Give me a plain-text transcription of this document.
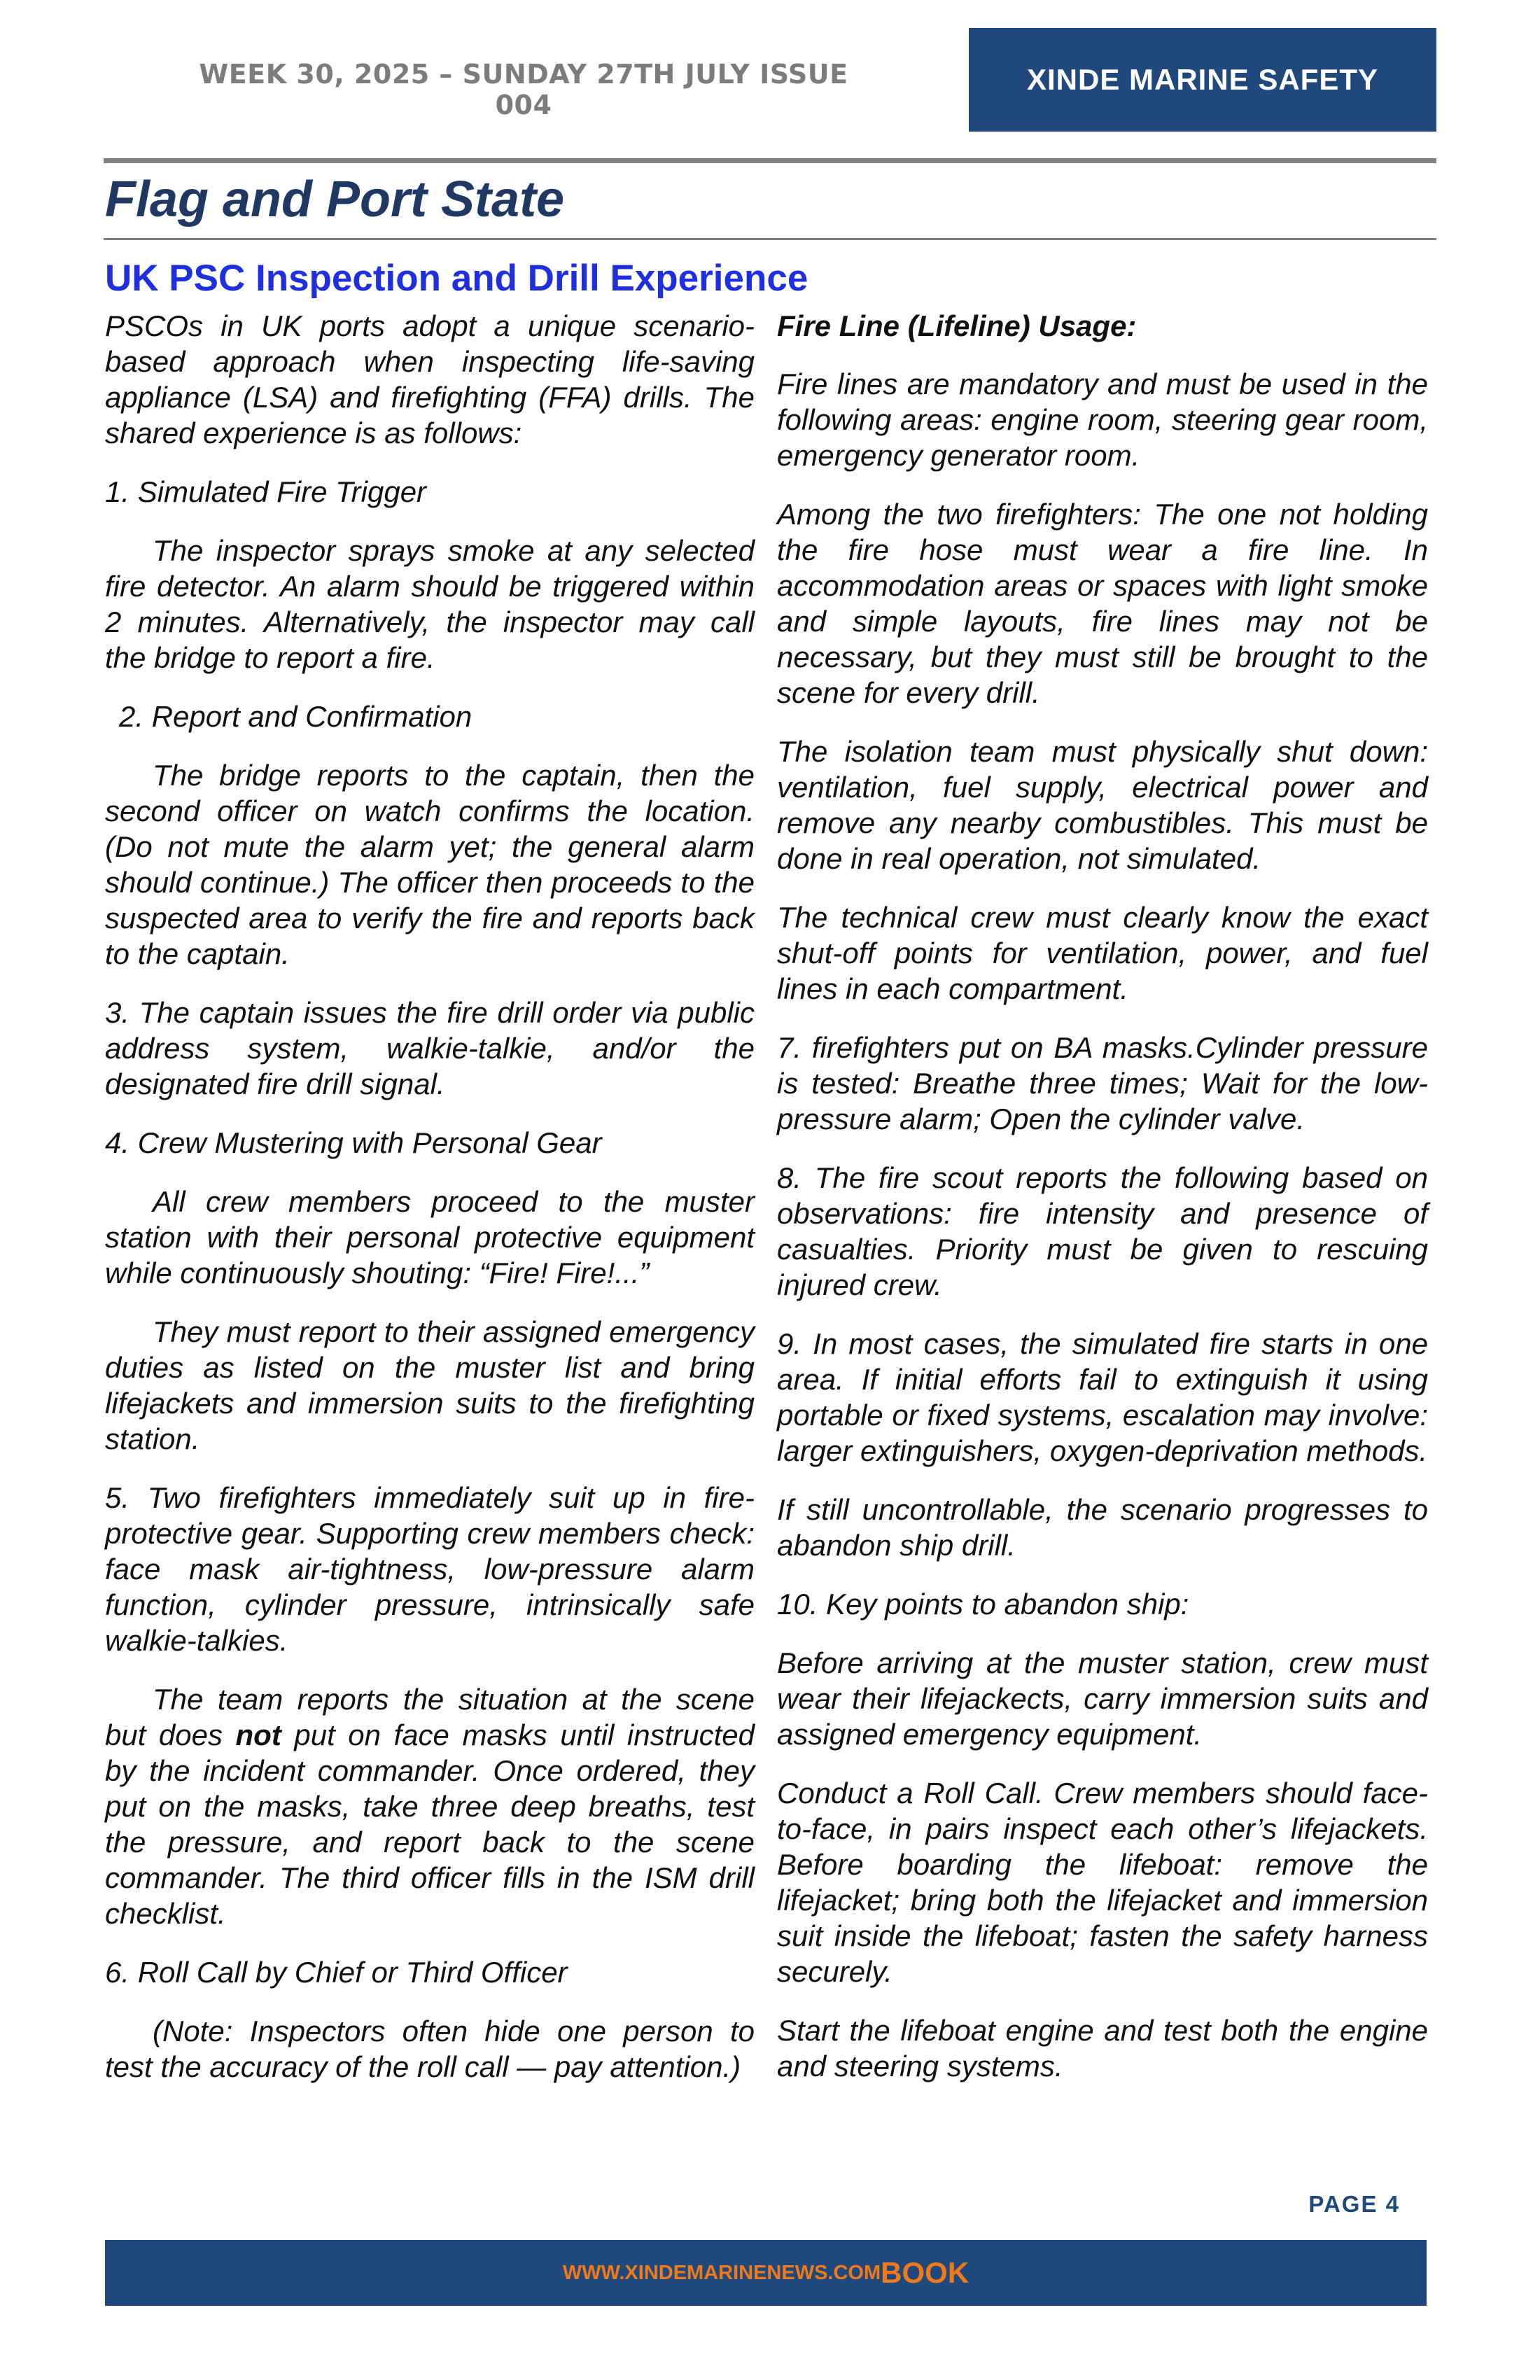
WEEK 30, 2025 – SUNDAY 27TH JULY ISSUE 004
XINDE MARINE SAFETY
Flag and Port State
UK PSC Inspection and Drill Experience

PSCOs in UK ports adopt a unique scenario-based approach when inspecting life-saving appliance (LSA) and firefighting (FFA) drills. The shared experience is as follows:

1. Simulated Fire Trigger

The inspector sprays smoke at any selected fire detector. An alarm should be triggered within 2 minutes. Alternatively, the inspector may call the bridge to report a fire.

2. Report and Confirmation

The bridge reports to the captain, then the second officer on watch confirms the location. (Do not mute the alarm yet; the general alarm should continue.) The officer then proceeds to the suspected area to verify the fire and reports back to the captain.

3. The captain issues the fire drill order via public address system, walkie-talkie, and/or the designated fire drill signal.

4. Crew Mustering with Personal Gear

All crew members proceed to the muster station with their personal protective equipment while continuously shouting: “Fire! Fire!...”

They must report to their assigned emergency duties as listed on the muster list and bring lifejackets and immersion suits to the firefighting station.

5. Two firefighters immediately suit up in fire-protective gear. Supporting crew members check: face mask air-tightness, low-pressure alarm function, cylinder pressure, intrinsically safe walkie-talkies.

The team reports the situation at the scene but does not put on face masks until instructed by the incident commander. Once ordered, they put on the masks, take three deep breaths, test the pressure, and report back to the scene commander. The third officer fills in the ISM drill checklist.

6. Roll Call by Chief or Third Officer

(Note: Inspectors often hide one person to test the accuracy of the roll call — pay attention.)

Fire Line (Lifeline) Usage:

Fire lines are mandatory and must be used in the following areas: engine room, steering gear room, emergency generator room.

Among the two firefighters: The one not holding the fire hose must wear a fire line. In accommodation areas or spaces with light smoke and simple layouts, fire lines may not be necessary, but they must still be brought to the scene for every drill.

The isolation team must physically shut down: ventilation, fuel supply, electrical power and remove any nearby combustibles. This must be done in real operation, not simulated.

The technical crew must clearly know the exact shut-off points for ventilation, power, and fuel lines in each compartment.

7. firefighters put on BA masks.Cylinder pressure is tested: Breathe three times; Wait for the low-pressure alarm; Open the cylinder valve.

8. The fire scout reports the following based on observations: fire intensity and presence of casualties. Priority must be given to rescuing injured crew.

9. In most cases, the simulated fire starts in one area. If initial efforts fail to extinguish it using portable or fixed systems, escalation may involve: larger extinguishers, oxygen-deprivation methods.

If still uncontrollable, the scenario progresses to abandon ship drill.

10. Key points to abandon ship:

Before arriving at the muster station, crew must wear their lifejackects, carry immersion suits and assigned emergency equipment.

Conduct a Roll Call. Crew members should face-to-face, in pairs inspect each other’s lifejackets. Before boarding the lifeboat: remove the lifejacket; bring both the lifejacket and immersion suit inside the lifeboat; fasten the safety harness securely.

Start the lifeboat engine and test both the engine and steering systems.

PAGE 4
WWW.XINDEMARINENEWS.COM BOOK
